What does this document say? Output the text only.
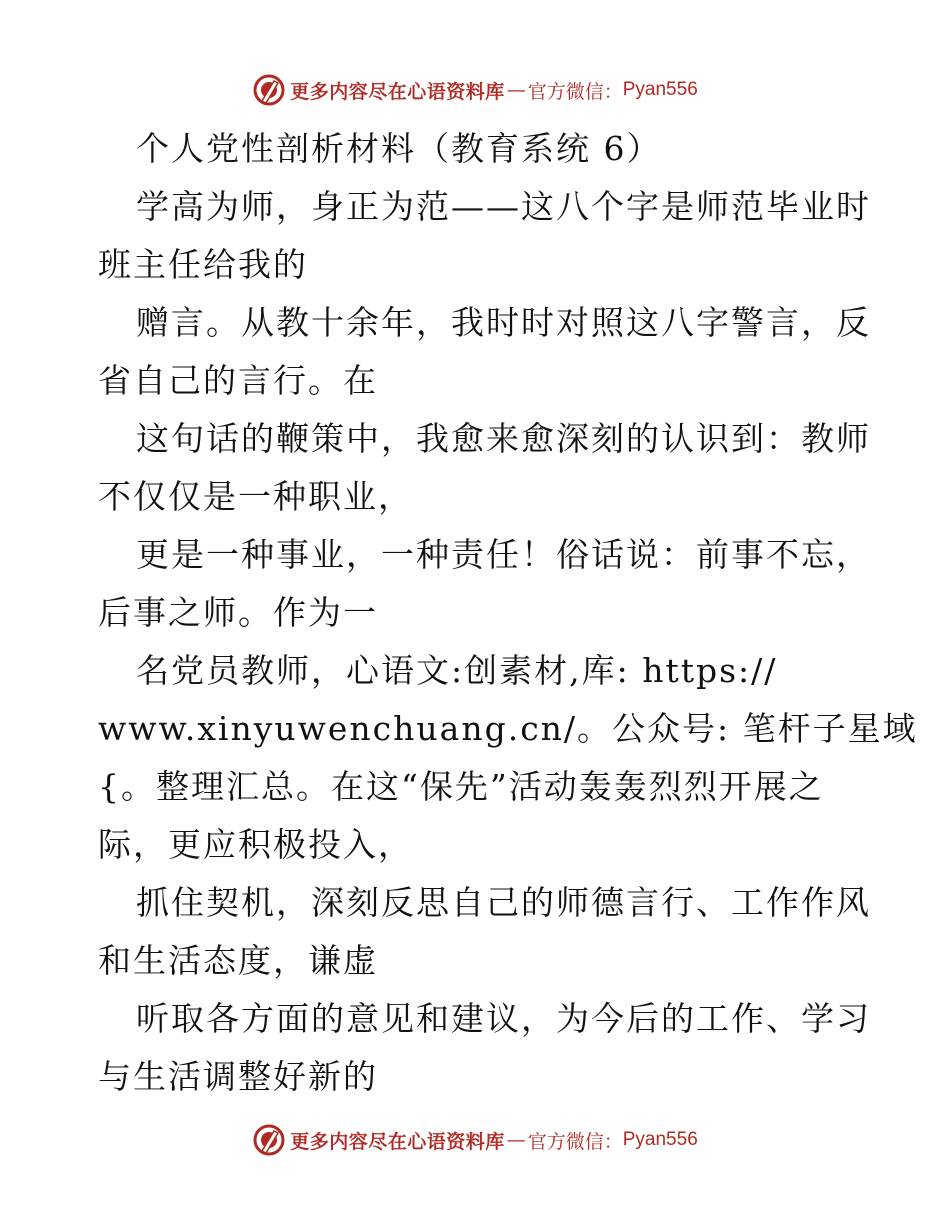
更多内容尽在心语资料库 — 官方微信： Pyan556
个人党性剖析材料（教育系统 6）
学高为师，身正为范——这八个字是师范毕业时
班主任给我的
赠言。从教十余年，我时时对照这八字警言，反
省自己的言行。在
这句话的鞭策中，我愈来愈深刻的认识到：教师
不仅仅是一种职业，
更是一种事业，一种责任！俗话说：前事不忘，
后事之师。作为一
名党员教师，心语文:创素材,库: https://
www.xinyuwenchuang.cn/。公众号: 笔杆子星域
{。整理汇总。在这“保先”活动轰轰烈烈开展之
际，更应积极投入，
抓住契机，深刻反思自己的师德言行、工作作风
和生活态度，谦虚
听取各方面的意见和建议，为今后的工作、学习
与生活调整好新的
更多内容尽在心语资料库 — 官方微信： Pyan556
